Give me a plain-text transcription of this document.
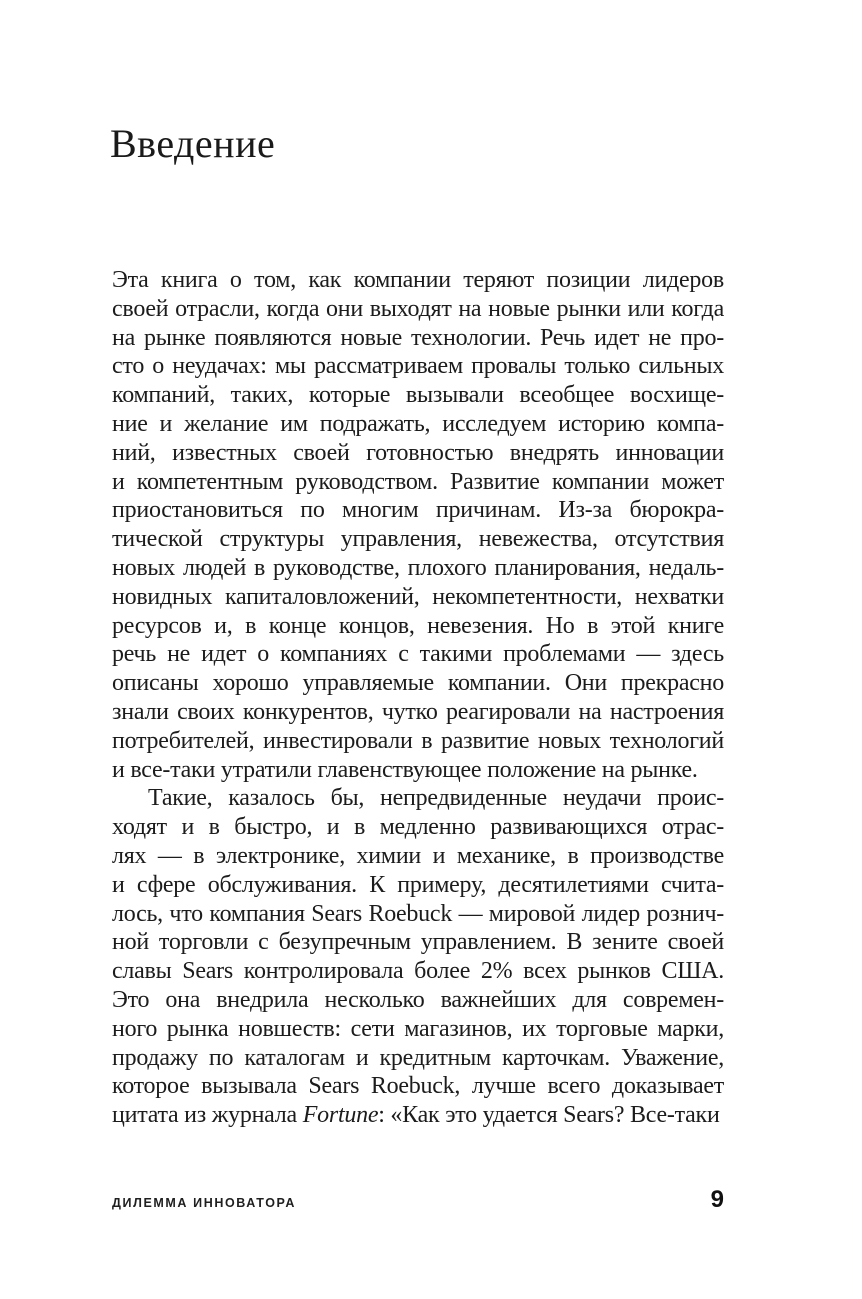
Введение
Эта книга о том, как компании теряют позиции лидеров
своей отрасли, когда они выходят на новые рынки или когда
на рынке появляются новые технологии. Речь идет не про-
сто о неудачах: мы рассматриваем провалы только сильных
компаний, таких, которые вызывали всеобщее восхище-
ние и желание им подражать, исследуем историю компа-
ний, известных своей готовностью внедрять инновации
и компетентным руководством. Развитие компании может
приостановиться по многим причинам. Из-за бюрокра-
тической структуры управления, невежества, отсутствия
новых людей в руководстве, плохого планирования, недаль-
новидных капиталовложений, некомпетентности, нехватки
ресурсов и, в конце концов, невезения. Но в этой книге
речь не идет о компаниях с такими проблемами — здесь
описаны хорошо управляемые компании. Они прекрасно
знали своих конкурентов, чутко реагировали на настроения
потребителей, инвестировали в развитие новых технологий
и все-таки утратили главенствующее положение на рынке.
Такие, казалось бы, непредвиденные неудачи проис-
ходят и в быстро, и в медленно развивающихся отрас-
лях — в электронике, химии и механике, в производстве
и сфере обслуживания. К примеру, десятилетиями счита-
лось, что компания Sears Roebuck — мировой лидер рознич-
ной торговли с безупречным управлением. В зените своей
славы Sears контролировала более 2% всех рынков США.
Это она внедрила несколько важнейших для современ-
ного рынка новшеств: сети магазинов, их торговые марки,
продажу по каталогам и кредитным карточкам. Уважение,
которое вызывала Sears Roebuck, лучше всего доказывает
цитата из журнала Fortune: «Как это удается Sears? Все-таки
ДИЛЕММА ИННОВАТОРА	9
